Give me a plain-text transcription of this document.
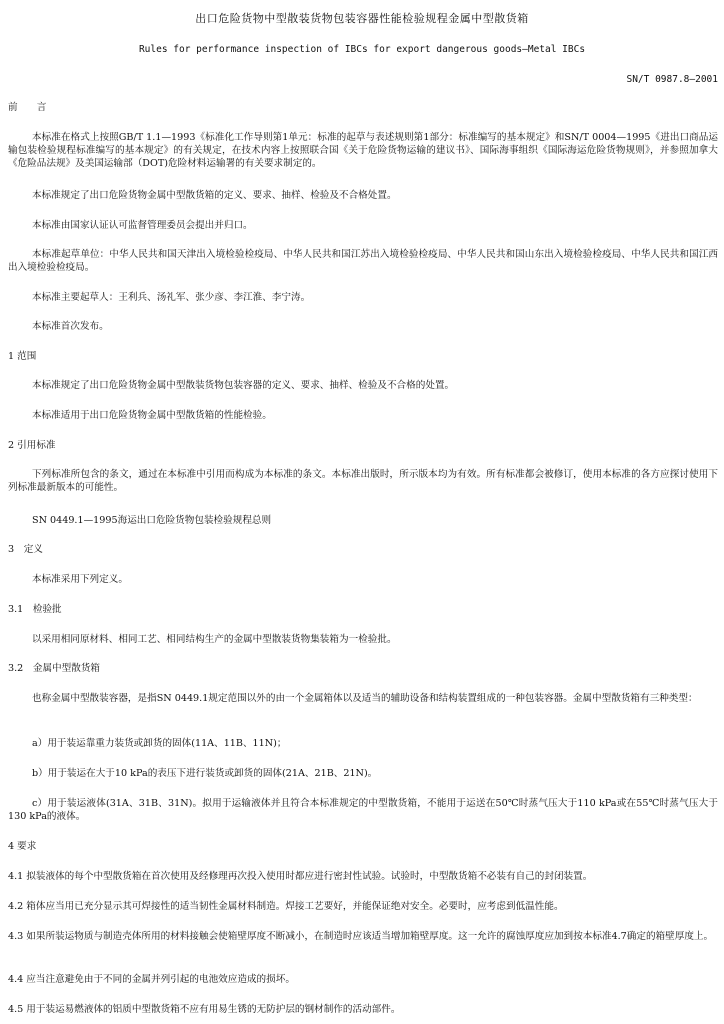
出口危险货物中型散装货物包装容器性能检验规程金属中型散货箱
Rules for performance inspection of IBCs for export dangerous goods—Metal IBCs
SN/T 0987.8—2001
前　　言
本标准在格式上按照GB/T 1.1—1993《标准化工作导则第1单元：标准的起草与表述规则第1部分：标准编写的基本规定》和SN/T 0004—1995《进出口商品运输包装检验规程标准编写的基本规定》的有关规定，在技术内容上按照联合国《关于危险货物运输的建议书》、国际海事组织《国际海运危险货物规则》，并参照加拿大《危险品法规》及美国运输部（DOT)危险材料运输署的有关要求制定的。
本标准规定了出口危险货物金属中型散货箱的定义、要求、抽样、检验及不合格处置。
本标准由国家认证认可监督管理委员会提出并归口。
本标准起草单位：中华人民共和国天津出入境检验检疫局、中华人民共和国江苏出入境检验检疫局、中华人民共和国山东出入境检验检疫局、中华人民共和国江西出入境检验检疫局。
本标准主要起草人：王利兵、汤礼军、张少彦、李江淮、李宁涛。
本标准首次发布。
1 范围
本标准规定了出口危险货物金属中型散装货物包装容器的定义、要求、抽样、检验及不合格的处置。
本标准适用于出口危险货物金属中型散货箱的性能检验。
2 引用标准
下列标准所包含的条文，通过在本标准中引用而构成为本标准的条文。本标准出版时，所示版本均为有效。所有标准都会被修订，使用本标准的各方应探讨使用下列标准最新版本的可能性。
SN 0449.1—1995海运出口危险货物包装检验规程总则
3　定义
本标准采用下列定义。
3.1　检验批
以采用相同原材料、相同工艺、相同结构生产的金属中型散装货物集装箱为一检验批。
3.2　金属中型散货箱
也称金属中型散装容器，是指SN 0449.1规定范围以外的由一个金属箱体以及适当的辅助设备和结构装置组成的一种包装容器。金属中型散货箱有三种类型：
a）用于装运靠重力装货或卸货的固体(11A、11B、11N)；
b）用于装运在大于10 kPa的表压下进行装货或卸货的固体(21A、21B、21N)。
c）用于装运液体(31A、31B、31N)。拟用于运输液体并且符合本标准规定的中型散货箱，不能用于运送在50℃时蒸气压大于110 kPa或在55℃时蒸气压大于130 kPa的液体。
4 要求
4.1 拟装液体的每个中型散货箱在首次使用及经修理再次投入使用时都应进行密封性试验。试验时，中型散货箱不必装有自己的封闭装置。
4.2 箱体应当用已充分显示其可焊接性的适当韧性金属材料制造。焊接工艺要好，并能保证绝对安全。必要时，应考虑到低温性能。
4.3 如果所装运物质与制造壳体所用的材料接触会使箱壁厚度不断减小，在制造时应该适当增加箱壁厚度。这一允许的腐蚀厚度应加到按本标准4.7确定的箱壁厚度上。
4.4 应当注意避免由于不同的金属并列引起的电池效应造成的损坏。
4.5 用于装运易燃液体的铝质中型散货箱不应有用易生锈的无防护层的钢材制作的活动部件。
